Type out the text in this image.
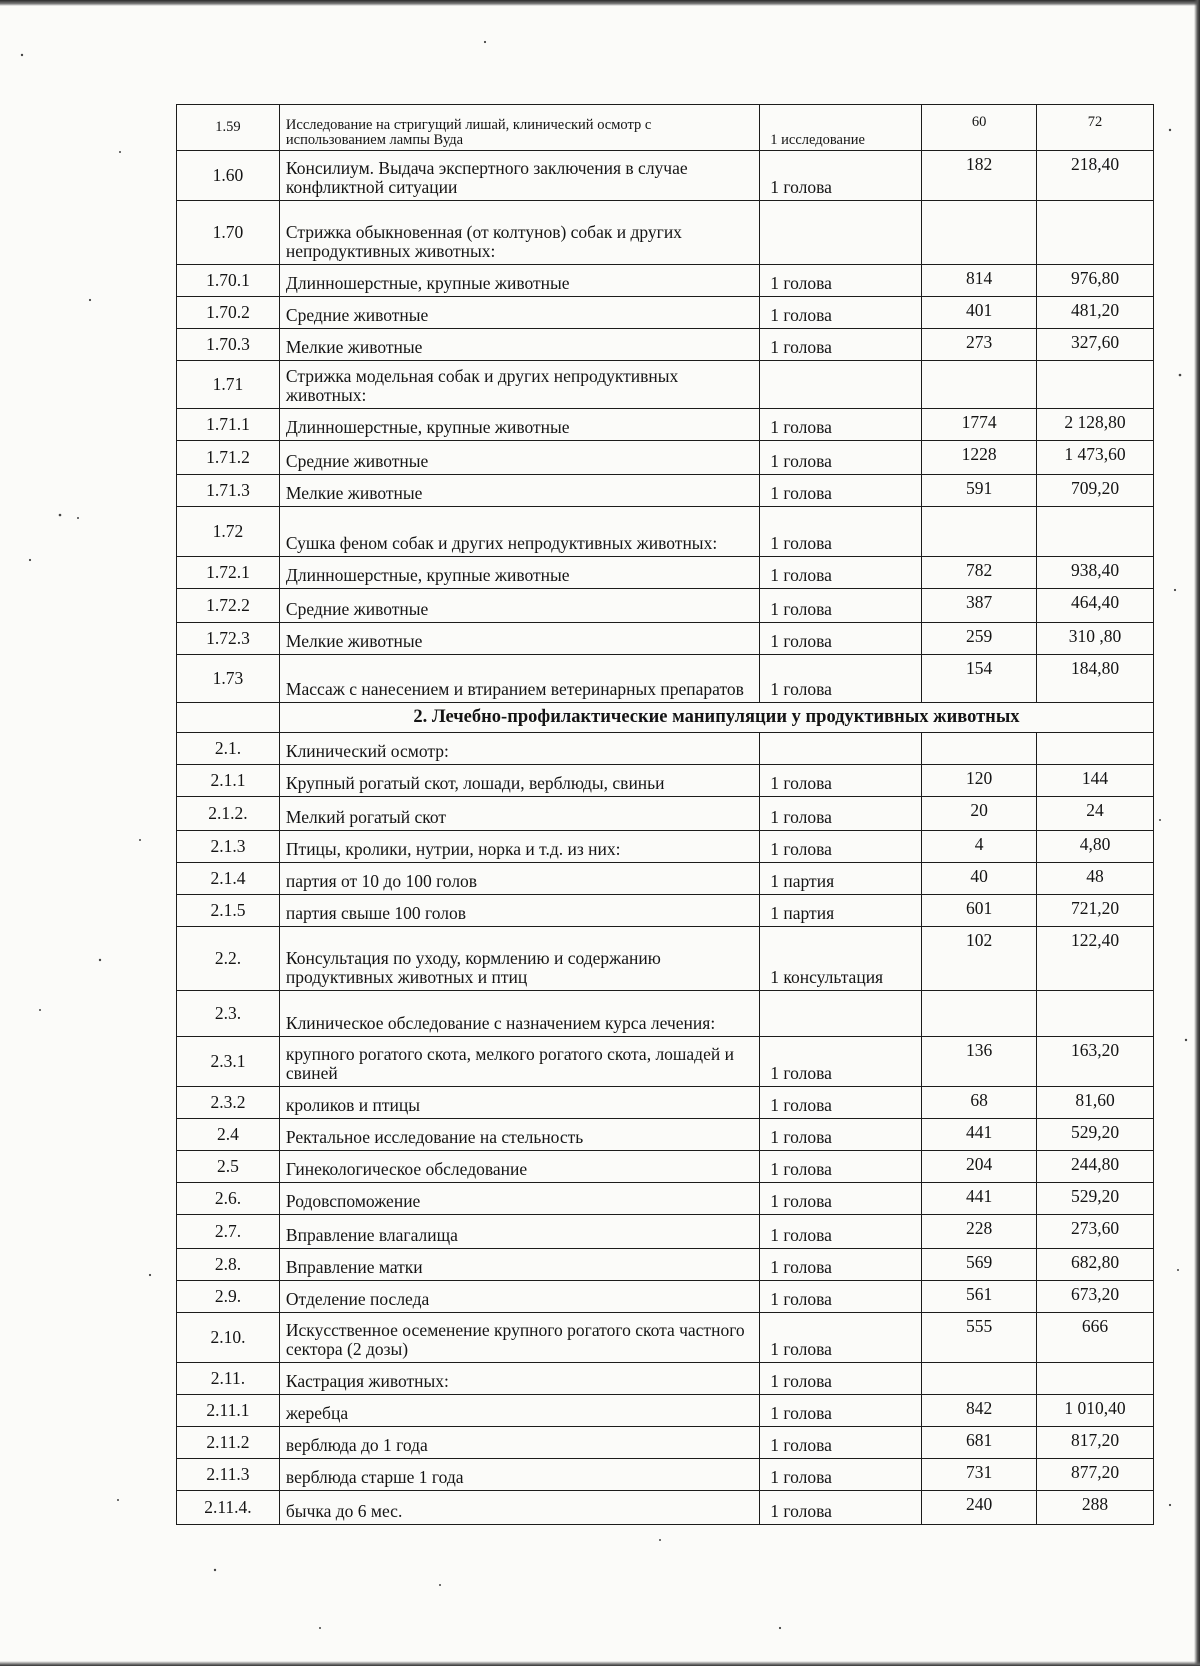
1.59	Исследование на стригущий лишай, клинический осмотр с использованием лампы Вуда	1 исследование	60	72
1.60	Консилиум. Выдача экспертного заключения в случае конфликтной ситуации	1 голова	182	218,40
1.70	Стрижка обыкновенная (от колтунов) собак и других непродуктивных животных:			
1.70.1	Длинношерстные, крупные животные	1 голова	814	976,80
1.70.2	Средние животные	1 голова	401	481,20
1.70.3	Мелкие животные	1 голова	273	327,60
1.71	Стрижка модельная собак и других непродуктивных животных:			
1.71.1	Длинношерстные, крупные животные	1 голова	1774	2 128,80
1.71.2	Средние животные	1 голова	1228	1 473,60
1.71.3	Мелкие животные	1 голова	591	709,20
1.72	Сушка феном собак и других непродуктивных животных:	1 голова		
1.72.1	Длинношерстные, крупные животные	1 голова	782	938,40
1.72.2	Средние животные	1 голова	387	464,40
1.72.3	Мелкие животные	1 голова	259	310 ,80
1.73	Массаж с нанесением и втиранием ветеринарных препаратов	1 голова	154	184,80
	2. Лечебно-профилактические манипуляции у продуктивных животных			
2.1.	Клинический осмотр:			
2.1.1	Крупный рогатый скот, лошади, верблюды, свиньи	1 голова	120	144
2.1.2.	Мелкий рогатый скот	1 голова	20	24
2.1.3	Птицы, кролики, нутрии, норка и т.д. из них:	1 голова	4	4,80
2.1.4	партия от 10 до 100 голов	1 партия	40	48
2.1.5	партия свыше 100 голов	1 партия	601	721,20
2.2.	Консультация по уходу, кормлению и содержанию продуктивных животных и птиц	1 консультация	102	122,40
2.3.	Клиническое обследование с назначением курса лечения:			
2.3.1	крупного рогатого скота, мелкого рогатого скота, лошадей и свиней	1 голова	136	163,20
2.3.2	кроликов и птицы	1 голова	68	81,60
2.4	Ректальное исследование на стельность	1 голова	441	529,20
2.5	Гинекологическое обследование	1 голова	204	244,80
2.6.	Родовспоможение	1 голова	441	529,20
2.7.	Вправление влагалища	1 голова	228	273,60
2.8.	Вправление матки	1 голова	569	682,80
2.9.	Отделение последа	1 голова	561	673,20
2.10.	Искусственное осеменение крупного рогатого скота частного сектора (2 дозы)	1 голова	555	666
2.11.	Кастрация животных:	1 голова		
2.11.1	жеребца	1 голова	842	1 010,40
2.11.2	верблюда до 1 года	1 голова	681	817,20
2.11.3	верблюда старше 1 года	1 голова	731	877,20
2.11.4.	бычка до 6 мес.	1 голова	240	288
